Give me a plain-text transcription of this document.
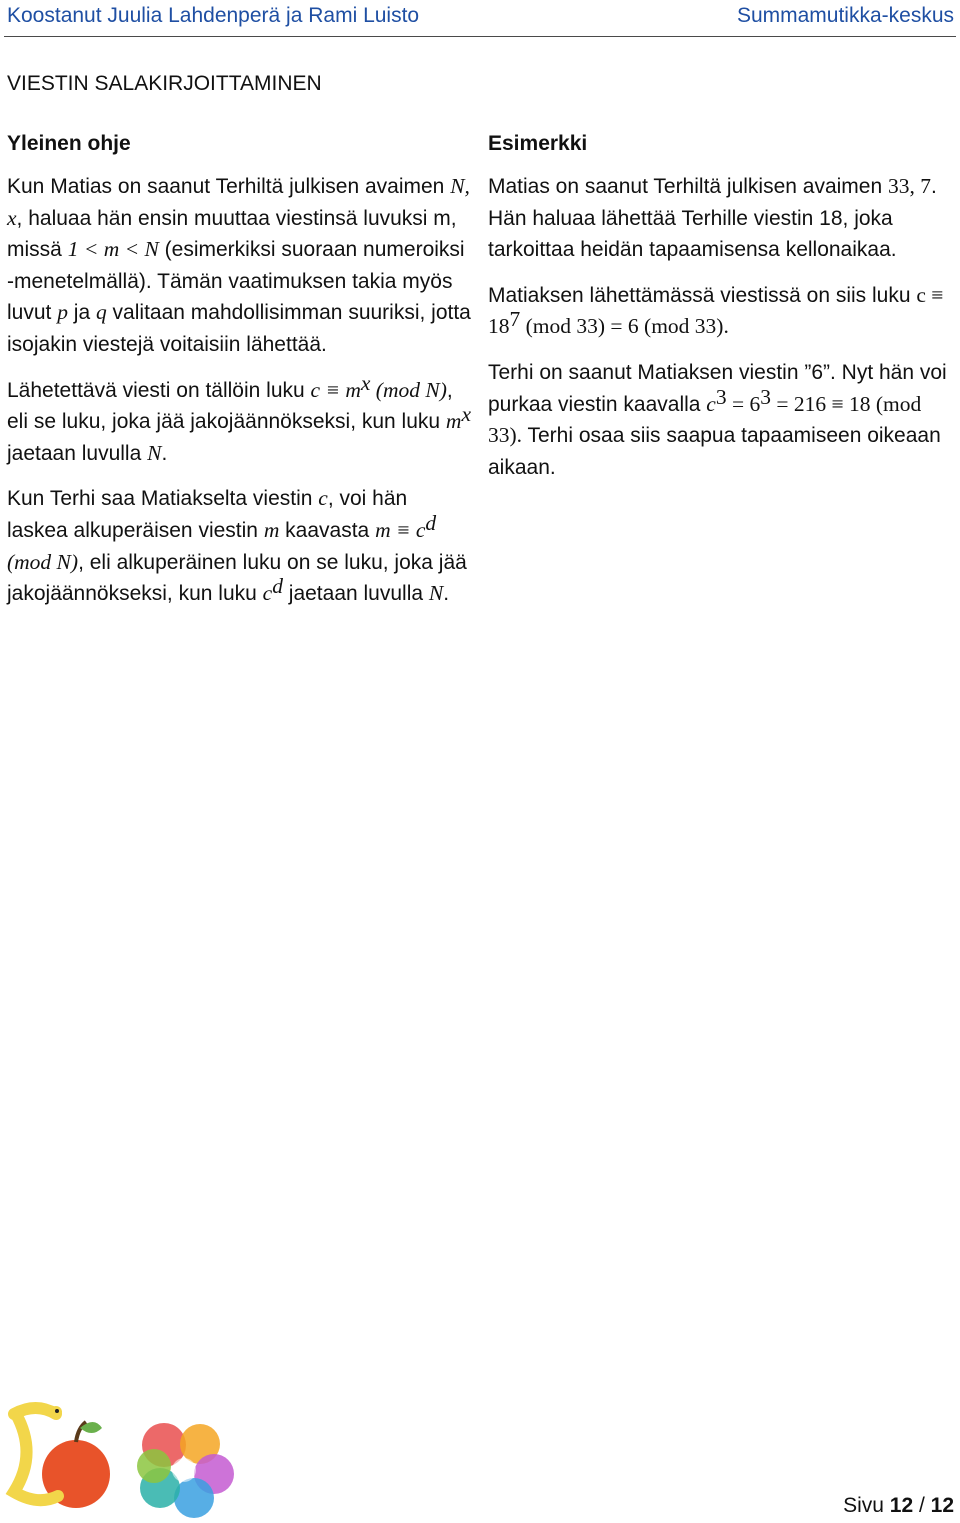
Koostanut Juulia Lahdenperä ja Rami Luisto	Summamutikka-keskus
VIESTIN SALAKIRJOITTAMINEN
Yleinen ohje

Kun Matias on saanut Terhiltä julkisen avaimen N, x, haluaa hän ensin muuttaa viestinsä luvuksi m, missä 1 < m < N (esimerkiksi suoraan numeroiksi -menetelmällä). Tämän vaatimuksen takia myös luvut p ja q valitaan mahdollisimman suuriksi, jotta isojakin viestejä voitaisiin lähettää.

Lähetettävä viesti on tällöin luku $c \equiv m^x$ (mod N), eli se luku, joka jää jakojäännökseksi, kun luku $m^x$ jaetaan luvulla N.

Kun Terhi saa Matiakselta viestin c, voi hän laskea alkuperäisen viestin m kaavasta $m \equiv c^d$ (mod N), eli alkuperäinen luku on se luku, joka jää jakojäännökseksi, kun luku $c^d$ jaetaan luvulla N.

Esimerkki

Matias on saanut Terhiltä julkisen avaimen 33, 7. Hän haluaa lähettää Terhille viestin 18, joka tarkoittaa heidän tapaamisensa kellonaikaa.

Matiaksen lähettämässä viestissä on siis luku $c \equiv 18^7$ (mod 33) = 6 (mod 33).

Terhi on saanut Matiaksen viestin ”6”. Nyt hän voi purkaa viestin kaavalla $c^3 = 6^3 = 216 \equiv 18$ (mod 33). Terhi osaa siis saapua tapaamiseen oikeaan aikaan.

Sivu 12 / 12
